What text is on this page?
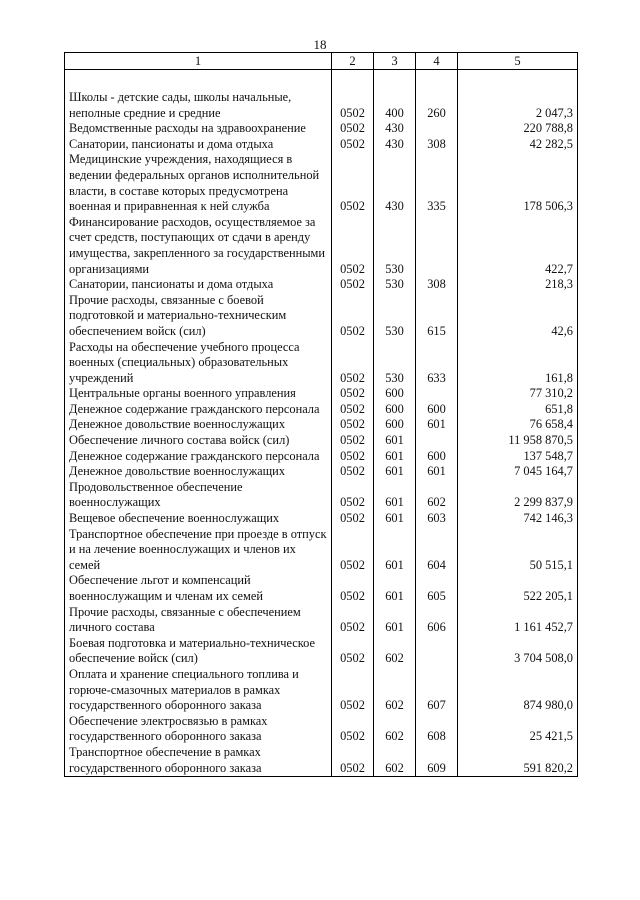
18
1	2	3	4	5

Школы - детские сады, школы начальные, неполные средние и средние	0502	400	260	2 047,3
Ведомственные расходы на здравоохранение	0502	430		220 788,8
Санатории, пансионаты и дома отдыха	0502	430	308	42 282,5
Медицинские учреждения, находящиеся в ведении федеральных органов исполнительной власти, в составе которых предусмотрена военная и приравненная к ней служба	0502	430	335	178 506,3
Финансирование расходов, осуществляемое за счет средств, поступающих от сдачи в аренду имущества, закрепленного за государственными организациями	0502	530		422,7
Санатории, пансионаты и дома отдыха	0502	530	308	218,3
Прочие расходы, связанные с боевой подготовкой и материально-техническим обеспечением войск (сил)	0502	530	615	42,6
Расходы на обеспечение учебного процесса военных (специальных) образовательных учреждений	0502	530	633	161,8
Центральные органы военного управления	0502	600		77 310,2
Денежное содержание гражданского персонала	0502	600	600	651,8
Денежное довольствие военнослужащих	0502	600	601	76 658,4
Обеспечение личного состава войск (сил)	0502	601		11 958 870,5
Денежное содержание гражданского персонала	0502	601	600	137 548,7
Денежное довольствие военнослужащих	0502	601	601	7 045 164,7
Продовольственное обеспечение военнослужащих	0502	601	602	2 299 837,9
Вещевое обеспечение военнослужащих	0502	601	603	742 146,3
Транспортное обеспечение при проезде в отпуск и на лечение военнослужащих и членов их семей	0502	601	604	50 515,1
Обеспечение льгот и компенсаций военнослужащим и членам их семей	0502	601	605	522 205,1
Прочие расходы, связанные с обеспечением личного состава	0502	601	606	1 161 452,7
Боевая подготовка и материально-техническое обеспечение войск (сил)	0502	602		3 704 508,0
Оплата и хранение специального топлива и горюче-смазочных материалов в рамках государственного оборонного заказа	0502	602	607	874 980,0
Обеспечение электросвязью в рамках государственного оборонного заказа	0502	602	608	25 421,5
Транспортное обеспечение в рамках государственного оборонного заказа	0502	602	609	591 820,2
